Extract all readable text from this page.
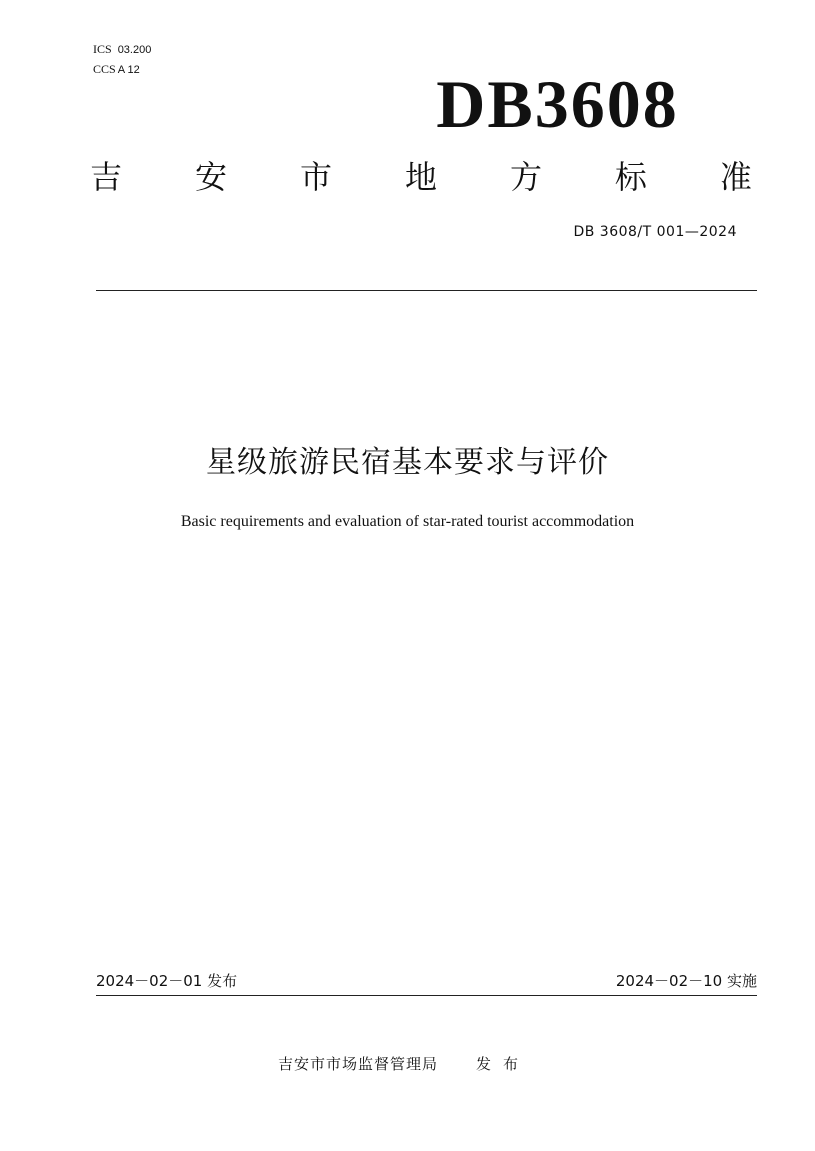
ICS 03.200
CCS A 12	DB3608
吉 安 市 地 方 标 准
DB 3608/T 001—2024
星级旅游民宿基本要求与评价
Basic requirements and evaluation of star-rated tourist accommodation
2024－02－01 发布	2024－02－10 实施
吉安市市场监督管理局	发布
